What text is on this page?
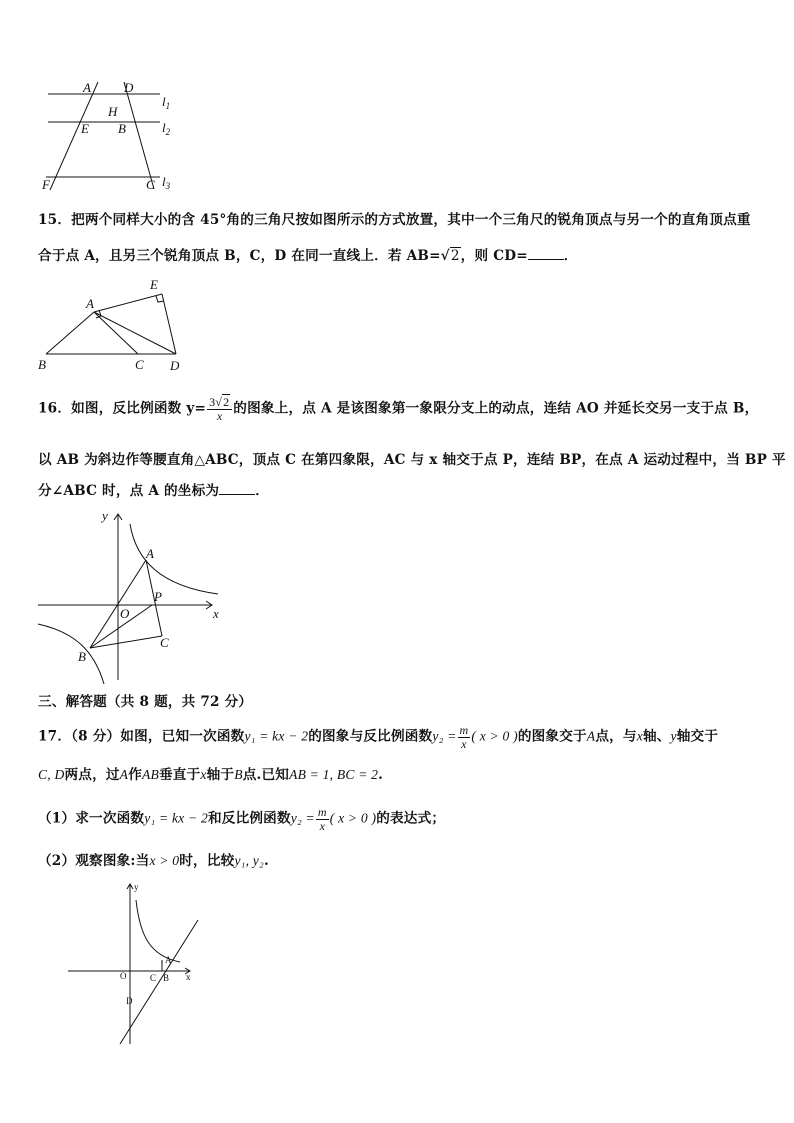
A	D
H
E B
F	C
$l_1$
$l_2$
$l_3$
15．把两个同样大小的含 45°角的三角尺按如图所示的方式放置，其中一个三角尺的锐角顶点与另一个的直角顶点重
合于点 A，且另三个锐角顶点 B，C，D 在同一直线上．若 AB=√2，则 CD=	．
A
E
B	C D
16．如图，反比例函数 $y= \frac{3√2}{x}$ 的图象上，点 A 是该图象第一象限分支上的动点，连结 AO 并延长交另一支于点 B，
以 AB 为斜边作等腰直角△ABC，顶点 C 在第四象限，AC 与 x 轴交于点 P，连结 BP，在点 A 运动过程中，当 BP 平
分∠ABC 时，点 A 的坐标为	．
y
x
A
O
P
B
C
三、解答题（共 8 题，共 72 分）
17．（8 分）如图，已知一次函数y₁ = kx − 2的图象与反比例函数$y_2 = \frac{m}{x}$ ( x > 0 )的图象交于A点，与x轴、y轴交于
C, D两点，过A作AB垂直于x轴于B点.已知AB = 1, BC = 2.
（1）求一次函数y₁ = kx − 2和反比例函数$y_2 = \frac{m}{x}$ ( x > 0 )的表达式；
（2）观察图象:当x > 0时，比较y₁, y₂.
y
x
O
A
C B
D
